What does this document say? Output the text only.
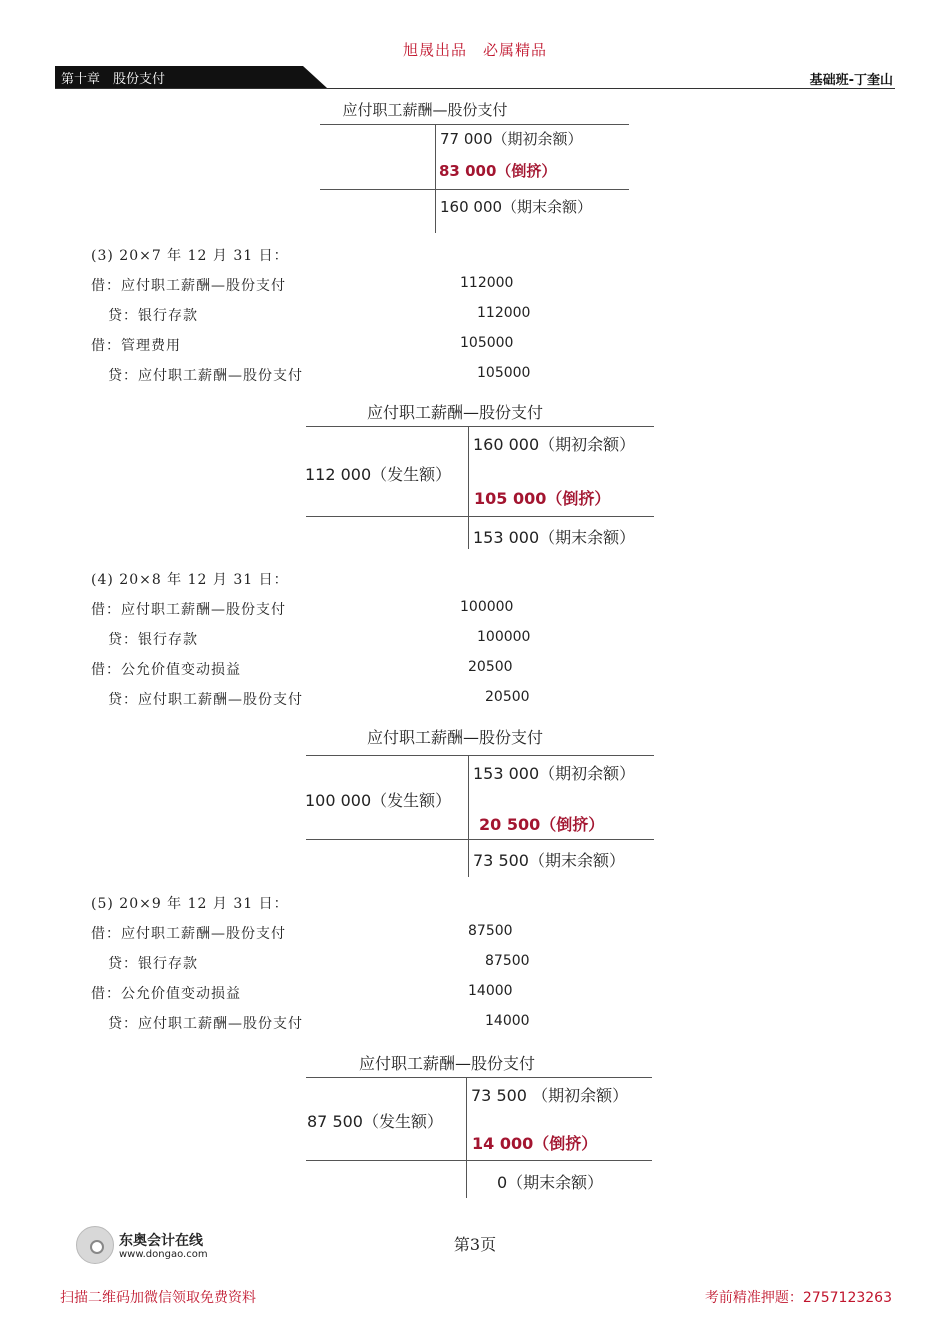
旭晟出品　必属精品
第十章　股份支付	基础班-丁奎山
应付职工薪酬—股份支付
77 000（期初余额）
83 000（倒挤）
160 000（期末余额）
(3) 20×7 年 12 月 31 日：
借：应付职工薪酬—股份支付	112000
贷：银行存款	112000
借：管理费用	105000
贷：应付职工薪酬—股份支付	105000
应付职工薪酬—股份支付
112 000（发生额）
160 000（期初余额）
105 000（倒挤）
153 000（期末余额）
(4) 20×8 年 12 月 31 日：
借：应付职工薪酬—股份支付	100000
贷：银行存款	100000
借：公允价值变动损益	20500
贷：应付职工薪酬—股份支付	20500
应付职工薪酬—股份支付
100 000（发生额）
153 000（期初余额）
20 500（倒挤）
73 500（期末余额）
(5) 20×9 年 12 月 31 日：
借：应付职工薪酬—股份支付	87500
贷：银行存款	87500
借：公允价值变动损益	14000
贷：应付职工薪酬—股份支付	14000
应付职工薪酬—股份支付
87 500（发生额）
73 500 （期初余额）
14 000（倒挤）
0（期末余额）
东奥会计在线
www.dongao.com
第3页
扫描二维码加微信领取免费资料	考前精准押题：2757123263
